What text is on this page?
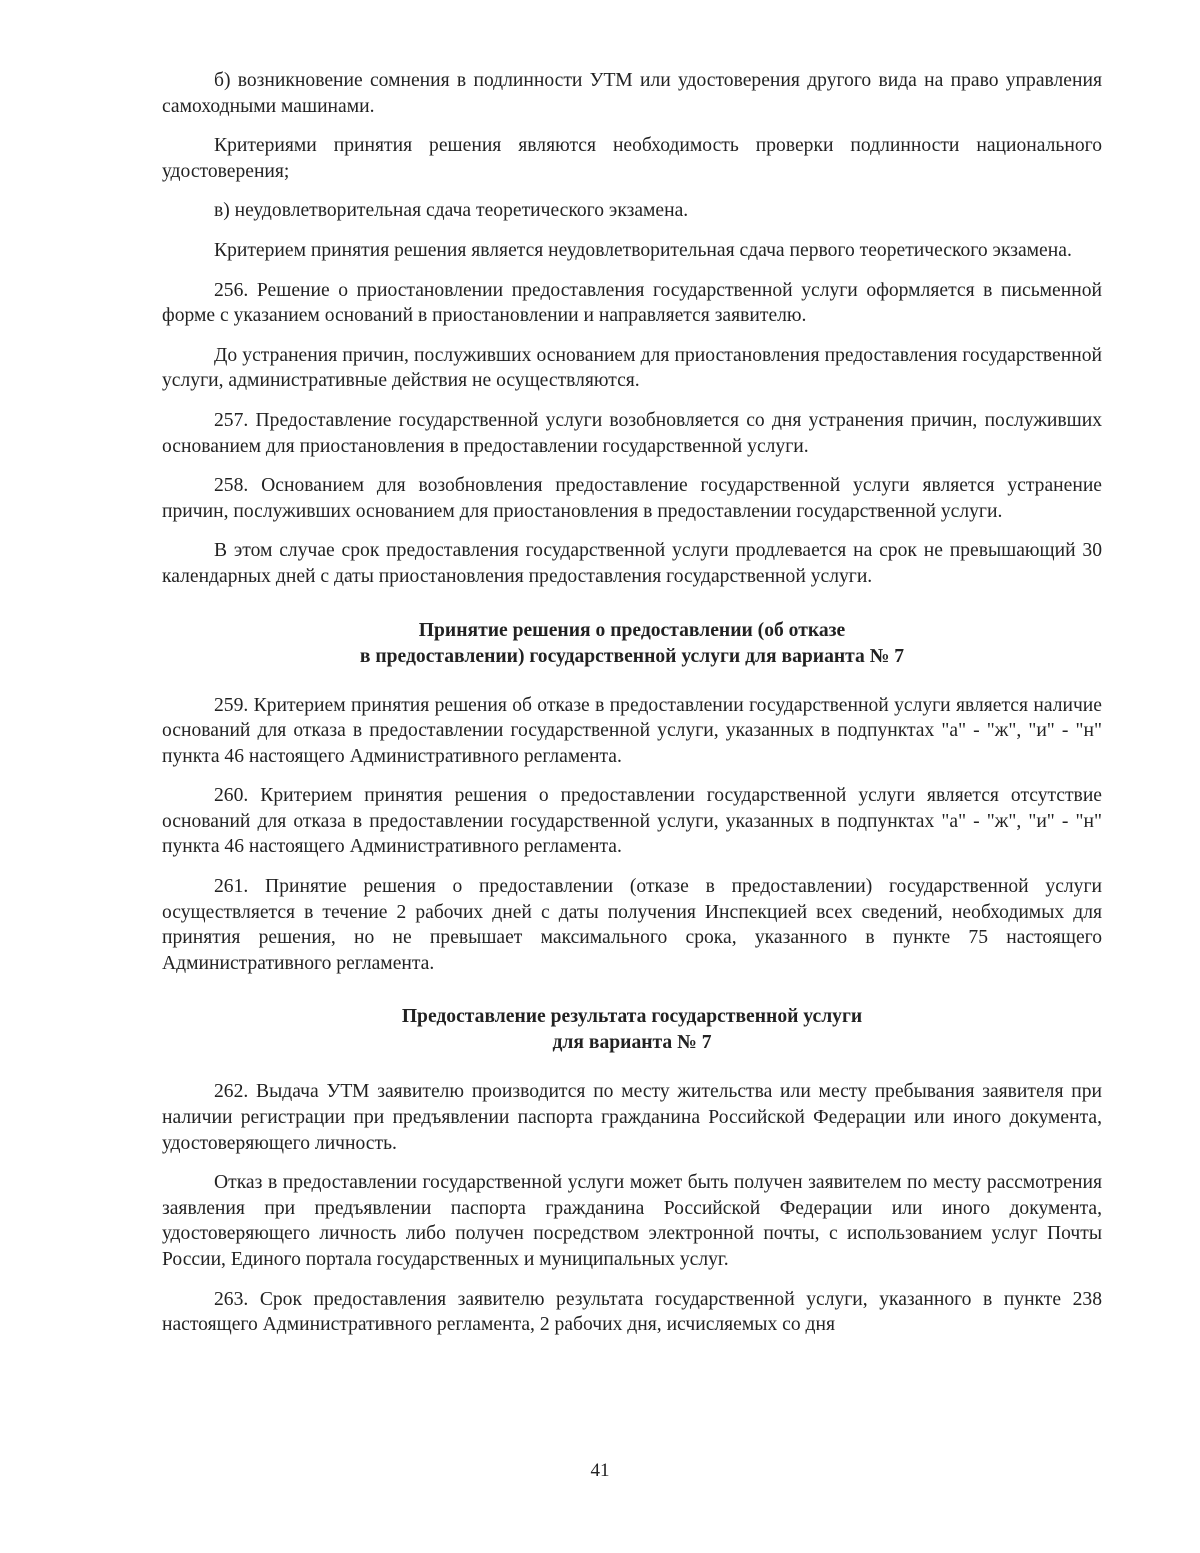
б) возникновение сомнения в подлинности УТМ или удостоверения другого вида на право управления самоходными машинами.

Критериями принятия решения являются необходимость проверки подлинности национального удостоверения;

в) неудовлетворительная сдача теоретического экзамена.

Критерием принятия решения является неудовлетворительная сдача первого теоретического экзамена.

256. Решение о приостановлении предоставления государственной услуги оформляется в письменной форме с указанием оснований в приостановлении и направляется заявителю.

До устранения причин, послуживших основанием для приостановления предоставления государственной услуги, административные действия не осуществляются.

257. Предоставление государственной услуги возобновляется со дня устранения причин, послуживших основанием для приостановления в предоставлении государственной услуги.

258. Основанием для возобновления предоставление государственной услуги является устранение причин, послуживших основанием для приостановления в предоставлении государственной услуги.

В этом случае срок предоставления государственной услуги продлевается на срок не превышающий 30 календарных дней с даты приостановления предоставления государственной услуги.

Принятие решения о предоставлении (об отказе
в предоставлении) государственной услуги для варианта № 7

259. Критерием принятия решения об отказе в предоставлении государственной услуги является наличие оснований для отказа в предоставлении государственной услуги, указанных в подпунктах "а" - "ж", "и" - "н" пункта 46 настоящего Административного регламента.

260. Критерием принятия решения о предоставлении государственной услуги является отсутствие оснований для отказа в предоставлении государственной услуги, указанных в подпунктах "а" - "ж", "и" - "н" пункта 46 настоящего Административного регламента.

261. Принятие решения о предоставлении (отказе в предоставлении) государственной услуги осуществляется в течение 2 рабочих дней с даты получения Инспекцией всех сведений, необходимых для принятия решения, но не превышает максимального срока, указанного в пункте 75 настоящего Административного регламента.

Предоставление результата государственной услуги
для варианта № 7

262. Выдача УТМ заявителю производится по месту жительства или месту пребывания заявителя при наличии регистрации при предъявлении паспорта гражданина Российской Федерации или иного документа, удостоверяющего личность.

Отказ в предоставлении государственной услуги может быть получен заявителем по месту рассмотрения заявления при предъявлении паспорта гражданина Российской Федерации или иного документа, удостоверяющего личность либо получен посредством электронной почты, с использованием услуг Почты России, Единого портала государственных и муниципальных услуг.

263. Срок предоставления заявителю результата государственной услуги, указанного в пункте 238 настоящего Административного регламента, 2 рабочих дня, исчисляемых со дня

41
